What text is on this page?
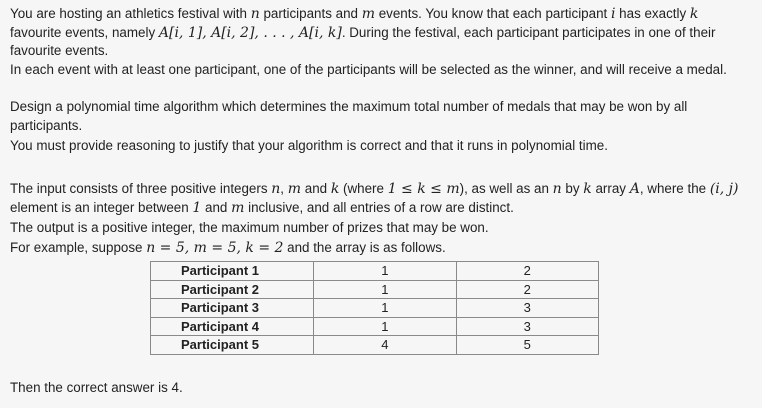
You are hosting an athletics festival with n participants and m events. You know that each participant i has exactly k favourite events, namely A[i, 1], A[i, 2], . . . , A[i, k]. During the festival, each participant participates in one of their favourite events.

In each event with at least one participant, one of the participants will be selected as the winner, and will receive a medal.

Design a polynomial time algorithm which determines the maximum total number of medals that may be won by all participants.

You must provide reasoning to justify that your algorithm is correct and that it runs in polynomial time.

The input consists of three positive integers n, m and k (where 1 ≤ k ≤ m), as well as an n by k array A, where the (i, j) element is an integer between 1 and m inclusive, and all entries of a row are distinct.

The output is a positive integer, the maximum number of prizes that may be won.

For example, suppose n = 5, m = 5, k = 2 and the array is as follows.

Participant 1	1	2
Participant 2	1	2
Participant 3	1	3
Participant 4	1	3
Participant 5	4	5

Then the correct answer is 4.
